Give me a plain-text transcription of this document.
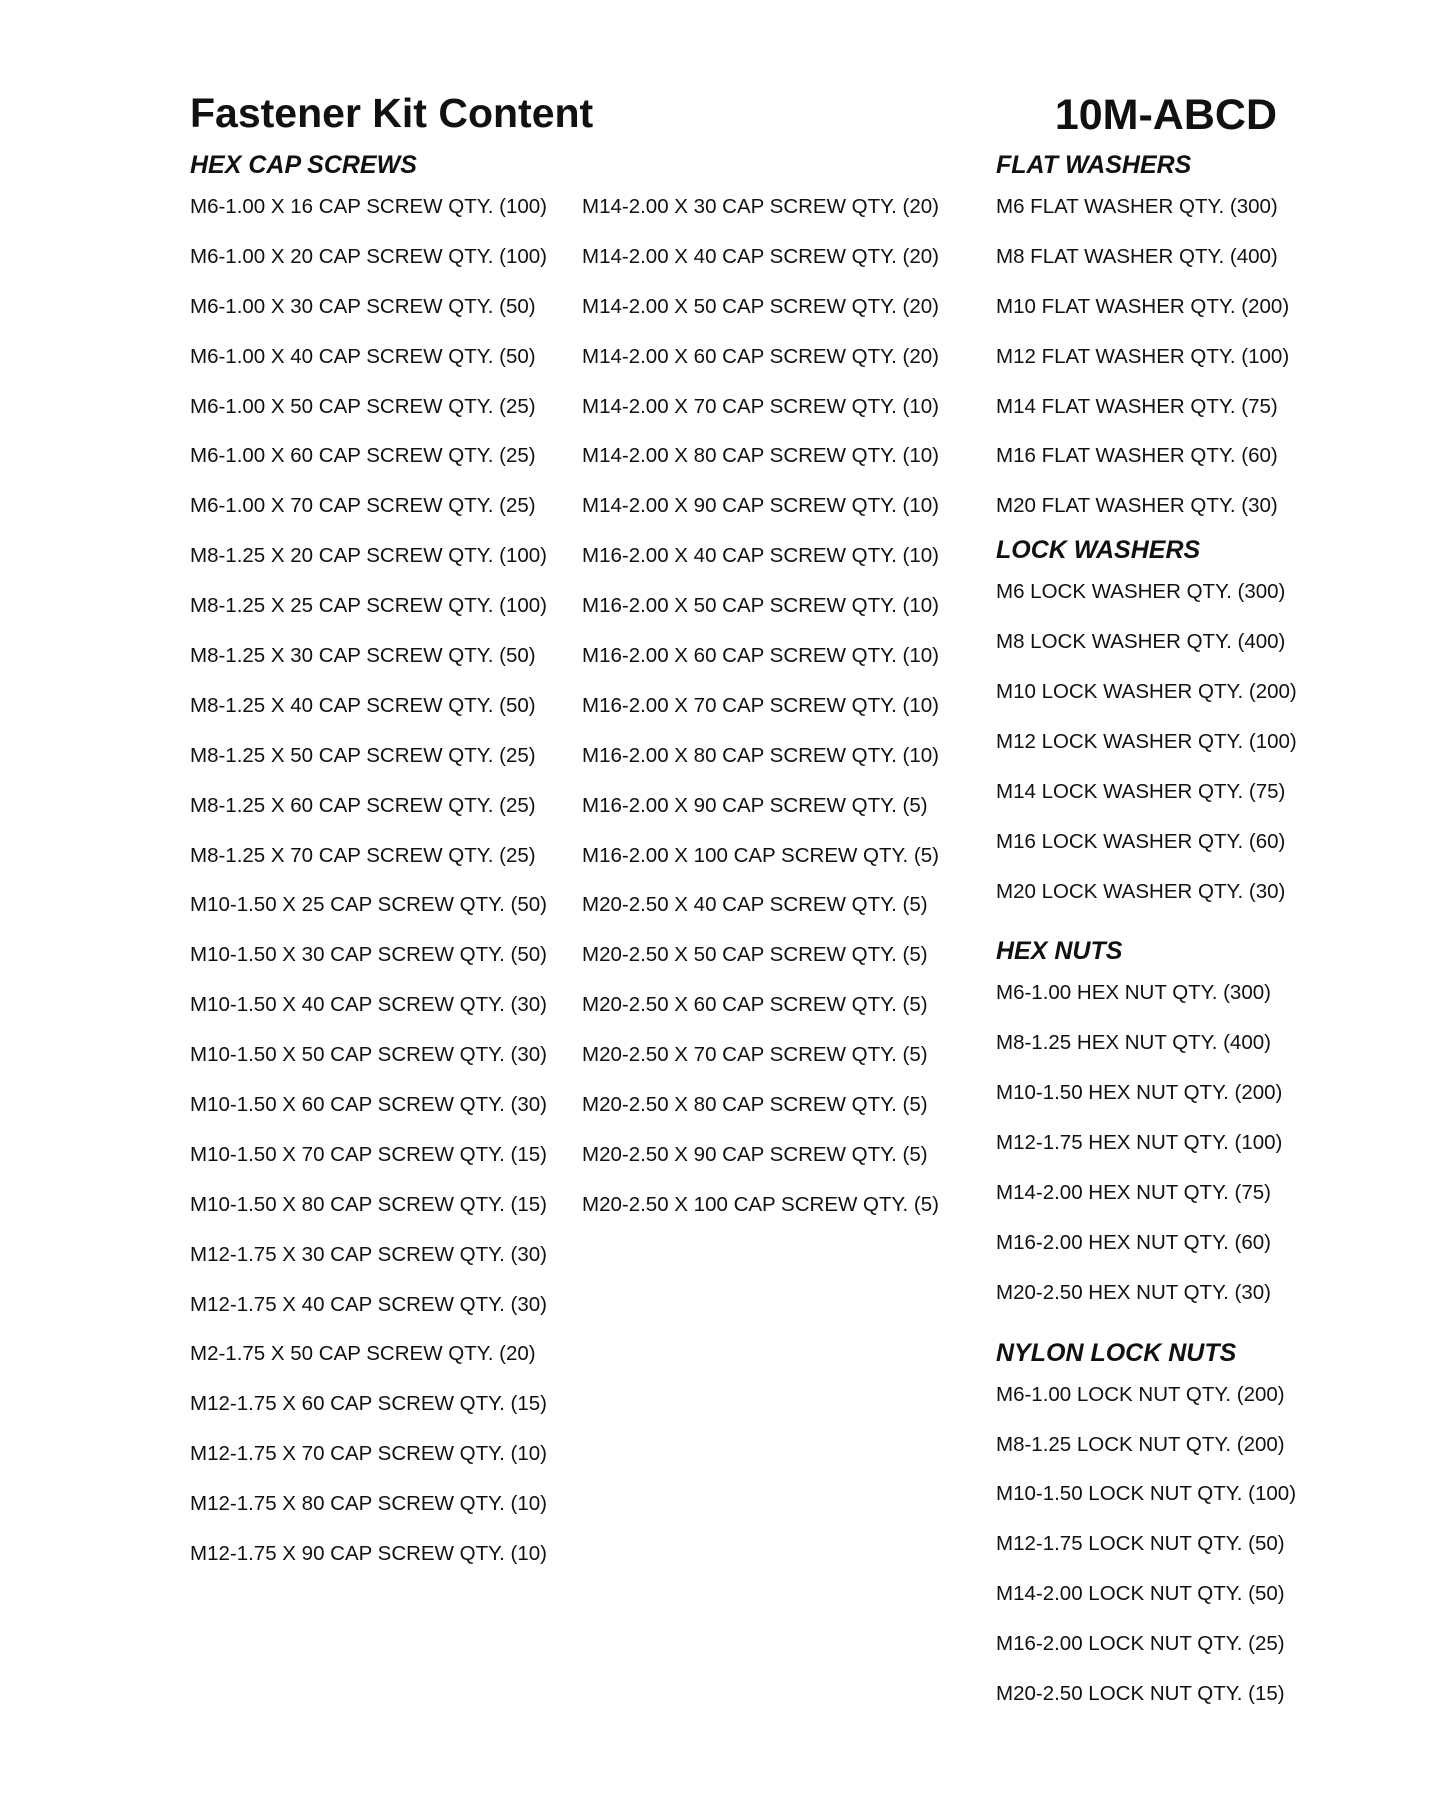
Fastener Kit Content	10M-ABCD
HEX CAP SCREWS
M6-1.00 X 16 CAP SCREW QTY. (100)
M6-1.00 X 20 CAP SCREW QTY. (100)
M6-1.00 X 30 CAP SCREW QTY. (50)
M6-1.00 X 40 CAP SCREW QTY. (50)
M6-1.00 X 50 CAP SCREW QTY. (25)
M6-1.00 X 60 CAP SCREW QTY. (25)
M6-1.00 X 70 CAP SCREW QTY. (25)
M8-1.25 X 20 CAP SCREW QTY. (100)
M8-1.25 X 25 CAP SCREW QTY. (100)
M8-1.25 X 30 CAP SCREW QTY. (50)
M8-1.25 X 40 CAP SCREW QTY. (50)
M8-1.25 X 50 CAP SCREW QTY. (25)
M8-1.25 X 60 CAP SCREW QTY. (25)
M8-1.25 X 70 CAP SCREW QTY. (25)
M10-1.50 X 25 CAP SCREW QTY. (50)
M10-1.50 X 30 CAP SCREW QTY. (50)
M10-1.50 X 40 CAP SCREW QTY. (30)
M10-1.50 X 50 CAP SCREW QTY. (30)
M10-1.50 X 60 CAP SCREW QTY. (30)
M10-1.50 X 70 CAP SCREW QTY. (15)
M10-1.50 X 80 CAP SCREW QTY. (15)
M12-1.75 X 30 CAP SCREW QTY. (30)
M12-1.75 X 40 CAP SCREW QTY. (30)
M2-1.75 X 50 CAP SCREW QTY. (20)
M12-1.75 X 60 CAP SCREW QTY. (15)
M12-1.75 X 70 CAP SCREW QTY. (10)
M12-1.75 X 80 CAP SCREW QTY. (10)
M12-1.75 X 90 CAP SCREW QTY. (10)
M14-2.00 X 30 CAP SCREW QTY. (20)
M14-2.00 X 40 CAP SCREW QTY. (20)
M14-2.00 X 50 CAP SCREW QTY. (20)
M14-2.00 X 60 CAP SCREW QTY. (20)
M14-2.00 X 70 CAP SCREW QTY. (10)
M14-2.00 X 80 CAP SCREW QTY. (10)
M14-2.00 X 90 CAP SCREW QTY. (10)
M16-2.00 X 40 CAP SCREW QTY. (10)
M16-2.00 X 50 CAP SCREW QTY. (10)
M16-2.00 X 60 CAP SCREW QTY. (10)
M16-2.00 X 70 CAP SCREW QTY. (10)
M16-2.00 X 80 CAP SCREW QTY. (10)
M16-2.00 X 90 CAP SCREW QTY. (5)
M16-2.00 X 100 CAP SCREW QTY. (5)
M20-2.50 X 40 CAP SCREW QTY. (5)
M20-2.50 X 50 CAP SCREW QTY. (5)
M20-2.50 X 60 CAP SCREW QTY. (5)
M20-2.50 X 70 CAP SCREW QTY. (5)
M20-2.50 X 80 CAP SCREW QTY. (5)
M20-2.50 X 90 CAP SCREW QTY. (5)
M20-2.50 X 100 CAP SCREW QTY. (5)
FLAT WASHERS
M6 FLAT WASHER QTY. (300)
M8 FLAT WASHER QTY. (400)
M10 FLAT WASHER QTY. (200)
M12 FLAT WASHER QTY. (100)
M14 FLAT WASHER QTY. (75)
M16 FLAT WASHER QTY. (60)
M20 FLAT WASHER QTY. (30)
LOCK WASHERS
M6 LOCK WASHER QTY. (300)
M8 LOCK WASHER QTY. (400)
M10 LOCK WASHER QTY. (200)
M12 LOCK WASHER QTY. (100)
M14 LOCK WASHER QTY. (75)
M16 LOCK WASHER QTY. (60)
M20 LOCK WASHER QTY. (30)
HEX NUTS
M6-1.00 HEX NUT QTY. (300)
M8-1.25 HEX NUT QTY. (400)
M10-1.50 HEX NUT QTY. (200)
M12-1.75 HEX NUT QTY. (100)
M14-2.00 HEX NUT QTY. (75)
M16-2.00 HEX NUT QTY. (60)
M20-2.50 HEX NUT QTY. (30)
NYLON LOCK NUTS
M6-1.00 LOCK NUT QTY. (200)
M8-1.25 LOCK NUT QTY. (200)
M10-1.50 LOCK NUT QTY. (100)
M12-1.75 LOCK NUT QTY. (50)
M14-2.00 LOCK NUT QTY. (50)
M16-2.00 LOCK NUT QTY. (25)
M20-2.50 LOCK NUT QTY. (15)
